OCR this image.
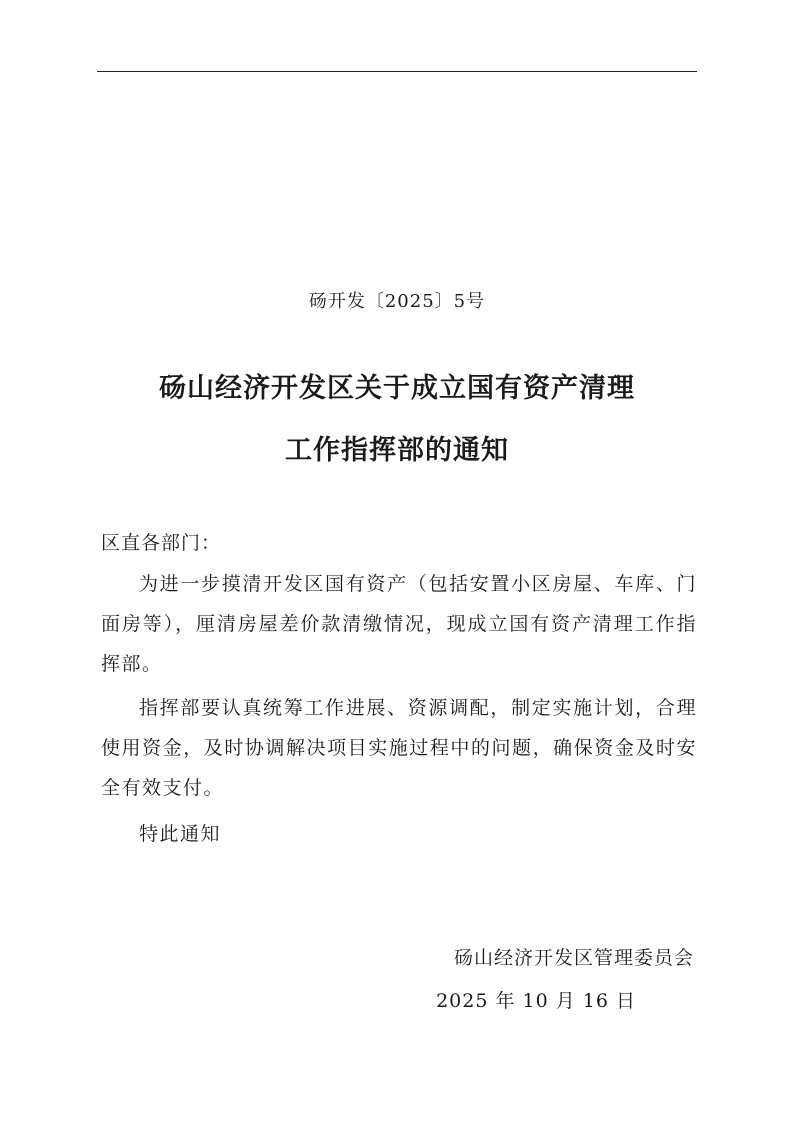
砀开发〔2025〕5号
砀山经济开发区关于成立国有资产清理
工作指挥部的通知
区直各部门：
为进一步摸清开发区国有资产（包括安置小区房屋、车库、门面房等），厘清房屋差价款清缴情况，现成立国有资产清理工作指挥部。
指挥部要认真统筹工作进展、资源调配，制定实施计划，合理使用资金，及时协调解决项目实施过程中的问题，确保资金及时安全有效支付。
特此通知
砀山经济开发区管理委员会
2025 年 10 月 16 日
